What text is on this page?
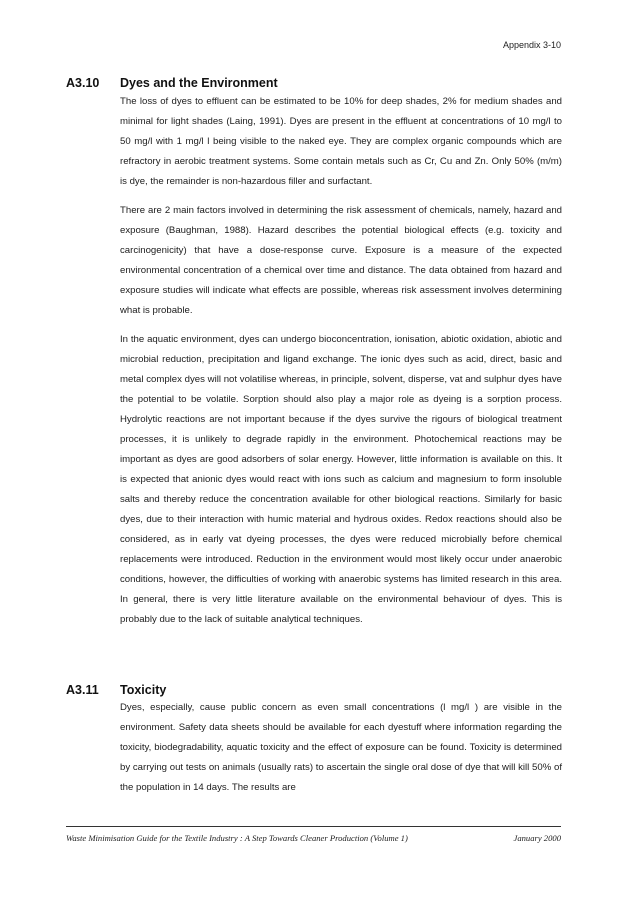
Appendix 3-10
A3.10 Dyes and the Environment

The loss of dyes to effluent can be estimated to be 10% for deep shades, 2% for medium shades and minimal for light shades (Laing, 1991). Dyes are present in the effluent at concentrations of 10 mg/l to 50 mg/l with 1 mg/l l being visible to the naked eye. They are complex organic compounds which are refractory in aerobic treatment systems. Some contain metals such as Cr, Cu and Zn. Only 50% (m/m) is dye, the remainder is non-hazardous filler and surfactant.

There are 2 main factors involved in determining the risk assessment of chemicals, namely, hazard and exposure (Baughman, 1988). Hazard describes the potential biological effects (e.g. toxicity and carcinogenicity) that have a dose-response curve. Exposure is a measure of the expected environmental concentration of a chemical over time and distance. The data obtained from hazard and exposure studies will indicate what effects are possible, whereas risk assessment involves determining what is probable.

In the aquatic environment, dyes can undergo bioconcentration, ionisation, abiotic oxidation, abiotic and microbial reduction, precipitation and ligand exchange. The ionic dyes such as acid, direct, basic and metal complex dyes will not volatilise whereas, in principle, solvent, disperse, vat and sulphur dyes have the potential to be volatile. Sorption should also play a major role as dyeing is a sorption process. Hydrolytic reactions are not important because if the dyes survive the rigours of biological treatment processes, it is unlikely to degrade rapidly in the environment. Photochemical reactions may be important as dyes are good adsorbers of solar energy. However, little information is available on this. It is expected that anionic dyes would react with ions such as calcium and magnesium to form insoluble salts and thereby reduce the concentration available for other biological reactions. Similarly for basic dyes, due to their interaction with humic material and hydrous oxides. Redox reactions should also be considered, as in early vat dyeing processes, the dyes were reduced microbially before chemical replacements were introduced. Reduction in the environment would most likely occur under anaerobic conditions, however, the difficulties of working with anaerobic systems has limited research in this area. In general, there is very little literature available on the environmental behaviour of dyes. This is probably due to the lack of suitable analytical techniques.

A3.11 Toxicity

Dyes, especially, cause public concern as even small concentrations (l mg/l ) are visible in the environment. Safety data sheets should be available for each dyestuff where information regarding the toxicity, biodegradability, aquatic toxicity and the effect of exposure can be found. Toxicity is determined by carrying out tests on animals (usually rats) to ascertain the single oral dose of dye that will kill 50% of the population in 14 days. The results are

Waste Minimisation Guide for the Textile Industry : A Step Towards Cleaner Production (Volume 1)	January 2000
